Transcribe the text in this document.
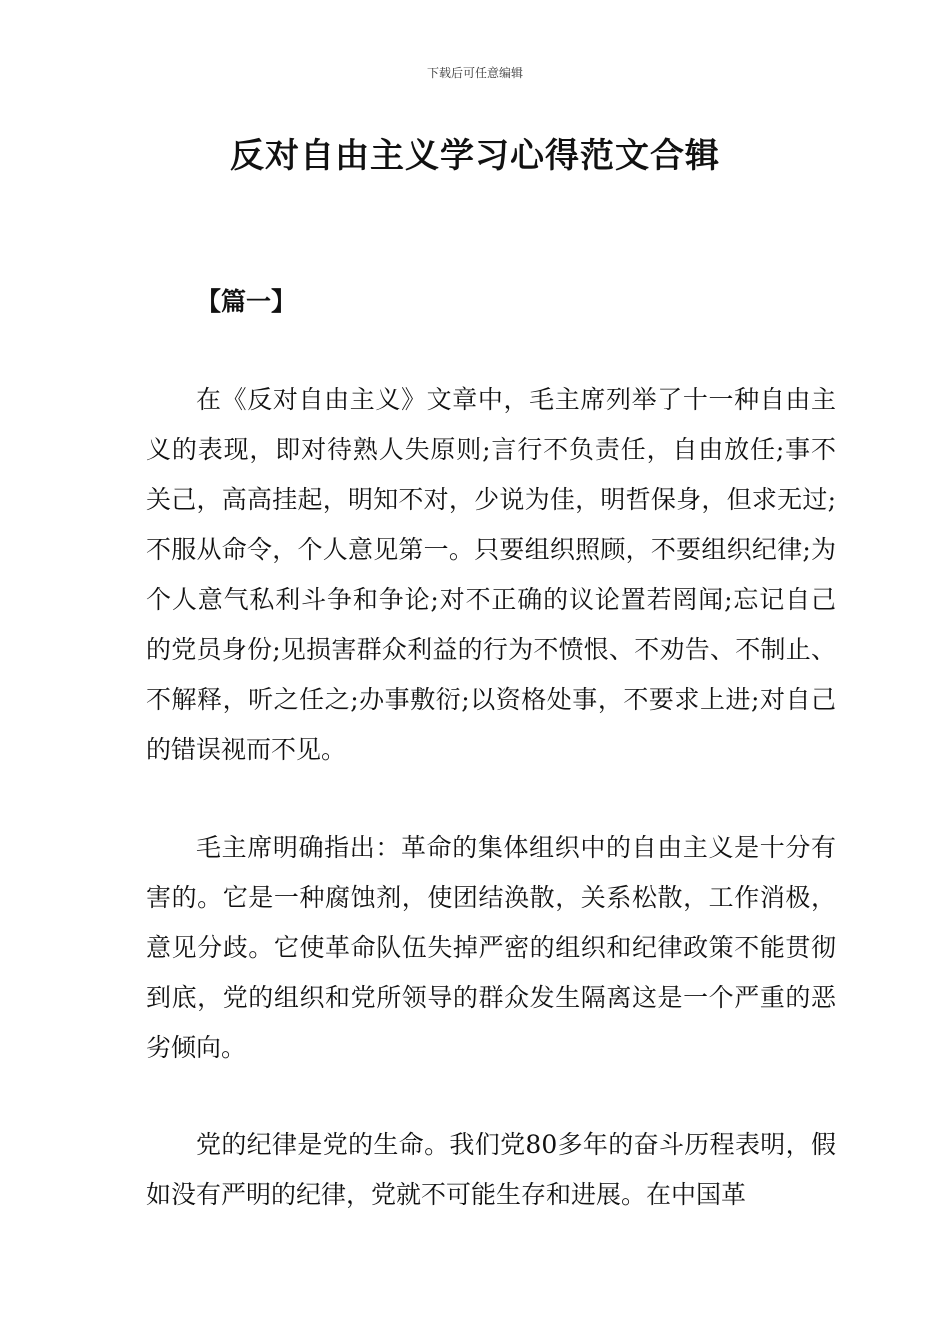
下载后可任意编辑
反对自由主义学习心得范文合辑
【篇一】

在《反对自由主义》文章中，毛主席列举了十一种自由主义的表现，即对待熟人失原则;言行不负责任，自由放任;事不关己，高高挂起，明知不对，少说为佳，明哲保身，但求无过;不服从命令，个人意见第一。只要组织照顾，不要组织纪律;为个人意气私利斗争和争论;对不正确的议论置若罔闻;忘记自己的党员身份;见损害群众利益的行为不愤恨、不劝告、不制止、不解释，听之任之;办事敷衍;以资格处事，不要求上进;对自己的错误视而不见。

毛主席明确指出：革命的集体组织中的自由主义是十分有害的。它是一种腐蚀剂，使团结涣散，关系松散，工作消极，意见分歧。它使革命队伍失掉严密的组织和纪律政策不能贯彻到底，党的组织和党所领导的群众发生隔离这是一个严重的恶劣倾向。

党的纪律是党的生命。我们党80多年的奋斗历程表明，假如没有严明的纪律，党就不可能生存和进展。在中国革
